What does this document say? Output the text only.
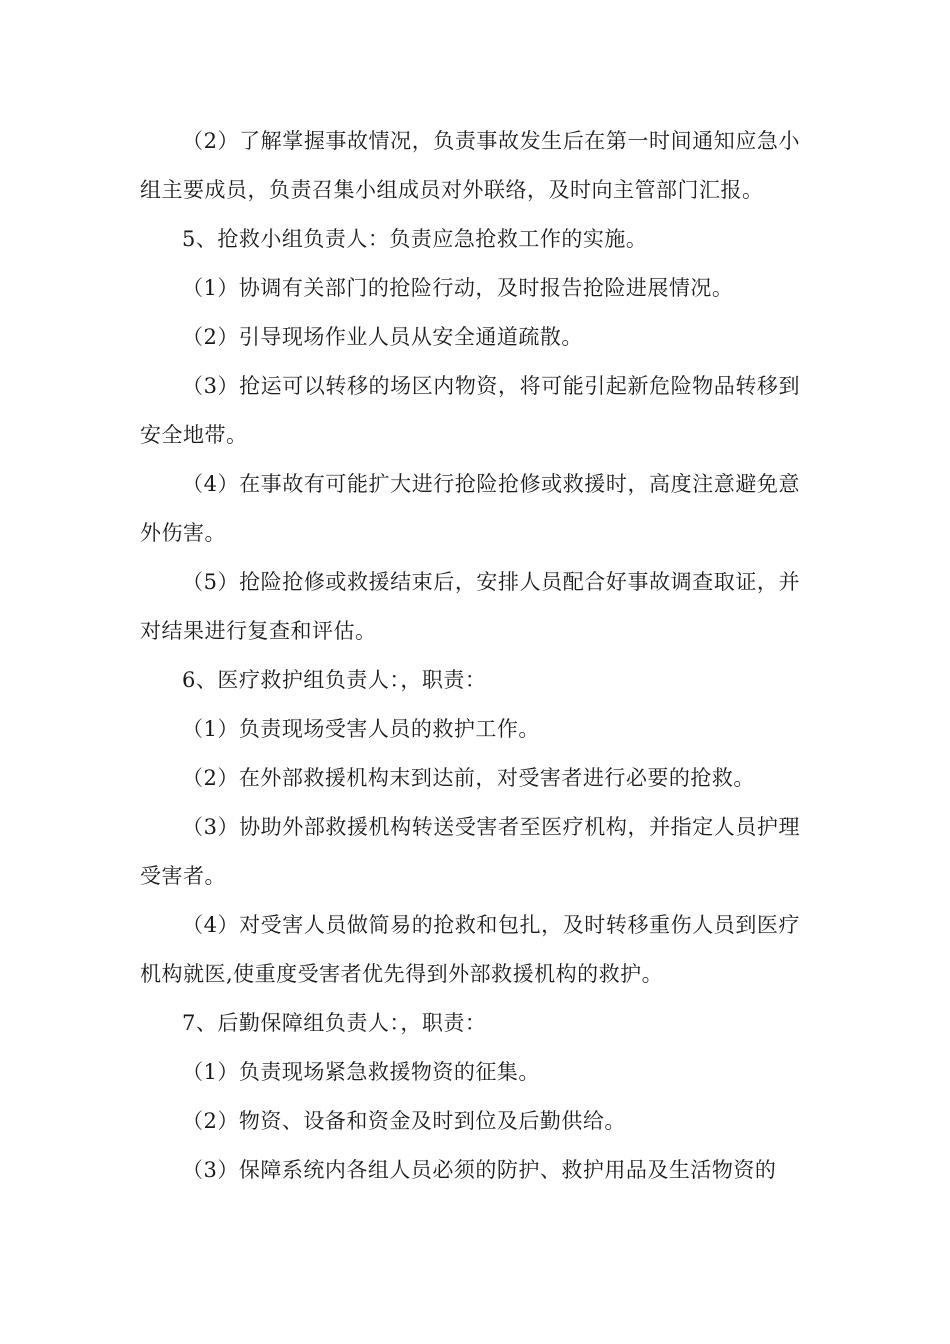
（2）了解掌握事故情况，负责事故发生后在第一时间通知应急小组主要成员，负责召集小组成员对外联络，及时向主管部门汇报。

5、抢救小组负责人：负责应急抢救工作的实施。

（1）协调有关部门的抢险行动，及时报告抢险进展情况。

（2）引导现场作业人员从安全通道疏散。

（3）抢运可以转移的场区内物资，将可能引起新危险物品转移到安全地带。

（4）在事故有可能扩大进行抢险抢修或救援时，高度注意避免意外伤害。

（5）抢险抢修或救援结束后，安排人员配合好事故调查取证，并对结果进行复查和评估。

6、医疗救护组负责人：，职责：

（1）负责现场受害人员的救护工作。

（2）在外部救援机构末到达前，对受害者进行必要的抢救。

（3）协助外部救援机构转送受害者至医疗机构，并指定人员护理受害者。

（4）对受害人员做简易的抢救和包扎，及时转移重伤人员到医疗机构就医,使重度受害者优先得到外部救援机构的救护。

7、后勤保障组负责人：，职责：

（1）负责现场紧急救援物资的征集。

（2）物资、设备和资金及时到位及后勤供给。

（3）保障系统内各组人员必须的防护、救护用品及生活物资的
